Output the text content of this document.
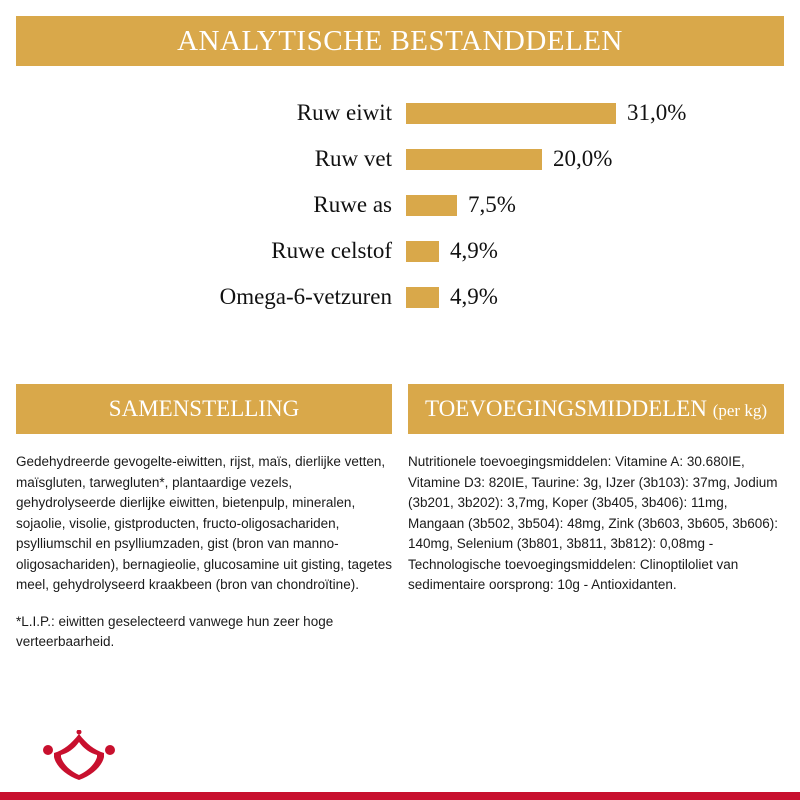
ANALYTISCHE BESTANDDELEN
Ruw eiwit	31,0%
Ruw vet	20,0%
Ruwe as	7,5%
Ruwe celstof	4,9%
Omega-6-vetzuren	4,9%
SAMENSTELLING

Gedehydreerde gevogelte-eiwitten, rijst, maïs, dierlijke vetten, maïsgluten, tarwegluten*, plantaardige vezels, gehydrolyseerde dierlijke eiwitten, bietenpulp, mineralen, sojaolie, visolie, gistproducten, fructo-oligosachariden, psylliumschil en psylliumzaden, gist (bron van manno-oligosachariden), bernagieolie, glucosamine uit gisting, tagetes meel, gehydrolyseerd kraakbeen (bron van chondroïtine).

*L.I.P.: eiwitten geselecteerd vanwege hun zeer hoge verteerbaarheid.

TOEVOEGINGSMIDDELEN (per kg)

Nutritionele toevoegingsmiddelen: Vitamine A: 30.680IE, Vitamine D3: 820IE, Taurine: 3g, IJzer (3b103): 37mg, Jodium (3b201, 3b202): 3,7mg, Koper (3b405, 3b406): 11mg, Mangaan (3b502, 3b504): 48mg, Zink (3b603, 3b605, 3b606): 140mg, Selenium (3b801, 3b811, 3b812): 0,08mg - Technologische toevoegingsmiddelen: Clinoptiloliet van sedimentaire oorsprong: 10g - Antioxidanten.
